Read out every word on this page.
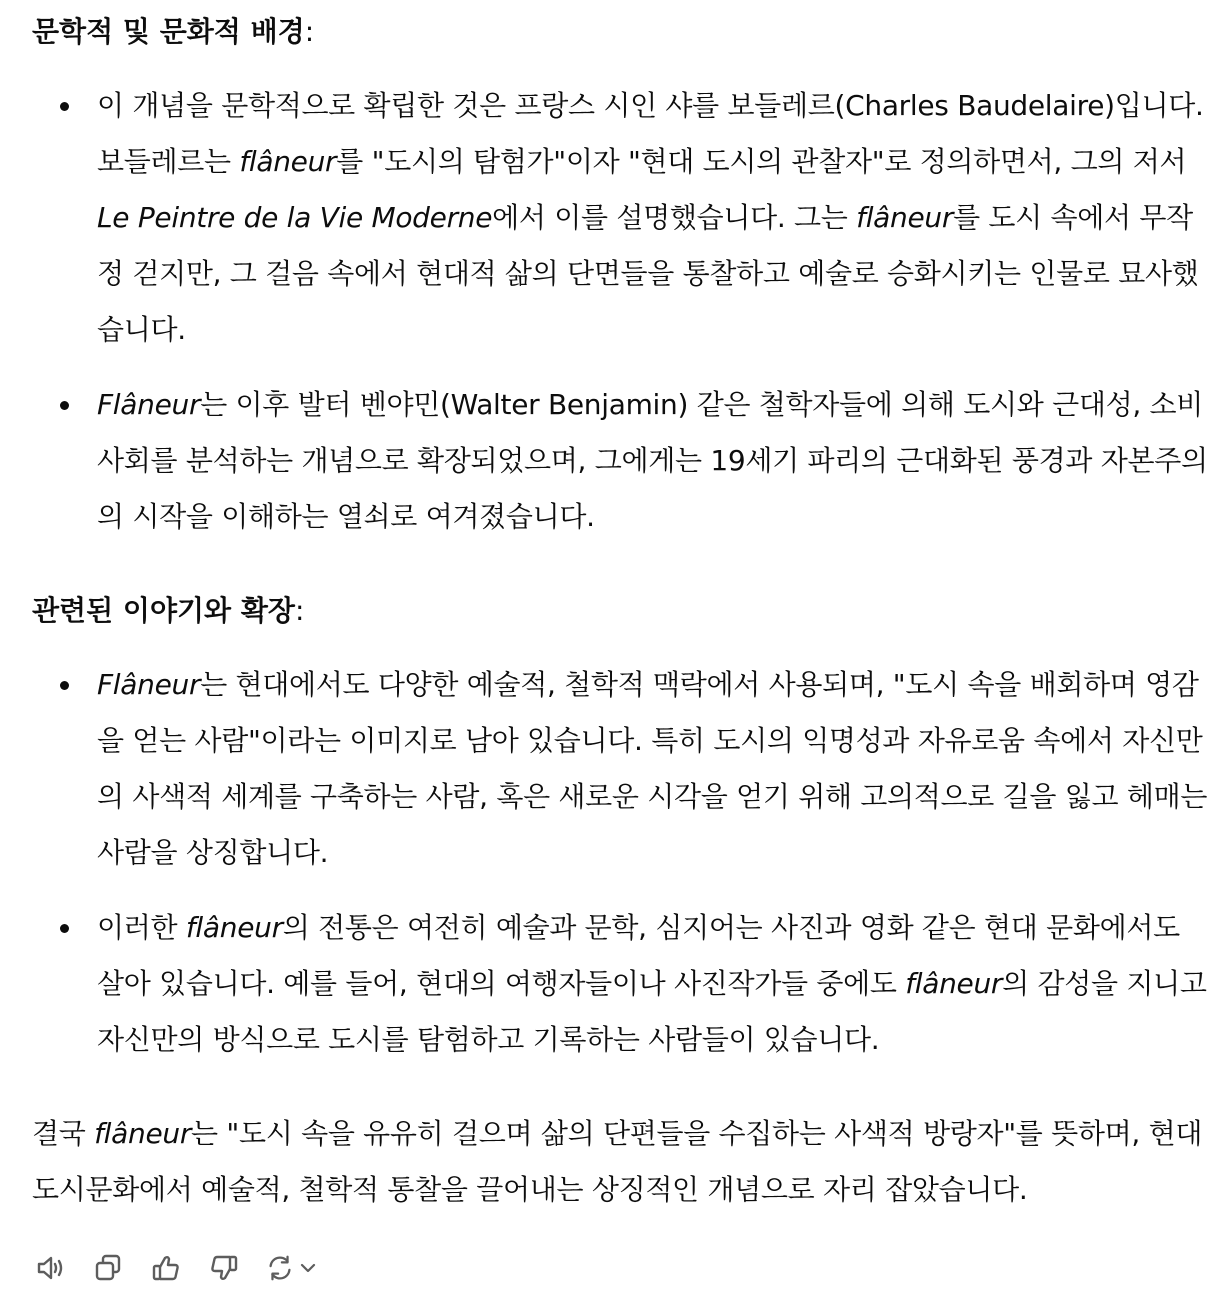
문학적 및 문화적 배경:

이 개념을 문학적으로 확립한 것은 프랑스 시인 샤를 보들레르(Charles Baudelaire)입니다. 보들레르는 flâneur를 "도시의 탐험가"이자 "현대 도시의 관찰자"로 정의하면서, 그의 저서 Le Peintre de la Vie Moderne에서 이를 설명했습니다. 그는 flâneur를 도시 속에서 무작정 걷지만, 그 걸음 속에서 현대적 삶의 단면들을 통찰하고 예술로 승화시키는 인물로 묘사했습니다.

Flâneur는 이후 발터 벤야민(Walter Benjamin) 같은 철학자들에 의해 도시와 근대성, 소비사회를 분석하는 개념으로 확장되었으며, 그에게는 19세기 파리의 근대화된 풍경과 자본주의의 시작을 이해하는 열쇠로 여겨졌습니다.

관련된 이야기와 확장:

Flâneur는 현대에서도 다양한 예술적, 철학적 맥락에서 사용되며, "도시 속을 배회하며 영감을 얻는 사람"이라는 이미지로 남아 있습니다. 특히 도시의 익명성과 자유로움 속에서 자신만의 사색적 세계를 구축하는 사람, 혹은 새로운 시각을 얻기 위해 고의적으로 길을 잃고 헤매는 사람을 상징합니다.

이러한 flâneur의 전통은 여전히 예술과 문학, 심지어는 사진과 영화 같은 현대 문화에서도 살아 있습니다. 예를 들어, 현대의 여행자들이나 사진작가들 중에도 flâneur의 감성을 지니고 자신만의 방식으로 도시를 탐험하고 기록하는 사람들이 있습니다.

결국 flâneur는 "도시 속을 유유히 걸으며 삶의 단편들을 수집하는 사색적 방랑자"를 뜻하며, 현대 도시문화에서 예술적, 철학적 통찰을 끌어내는 상징적인 개념으로 자리 잡았습니다.
